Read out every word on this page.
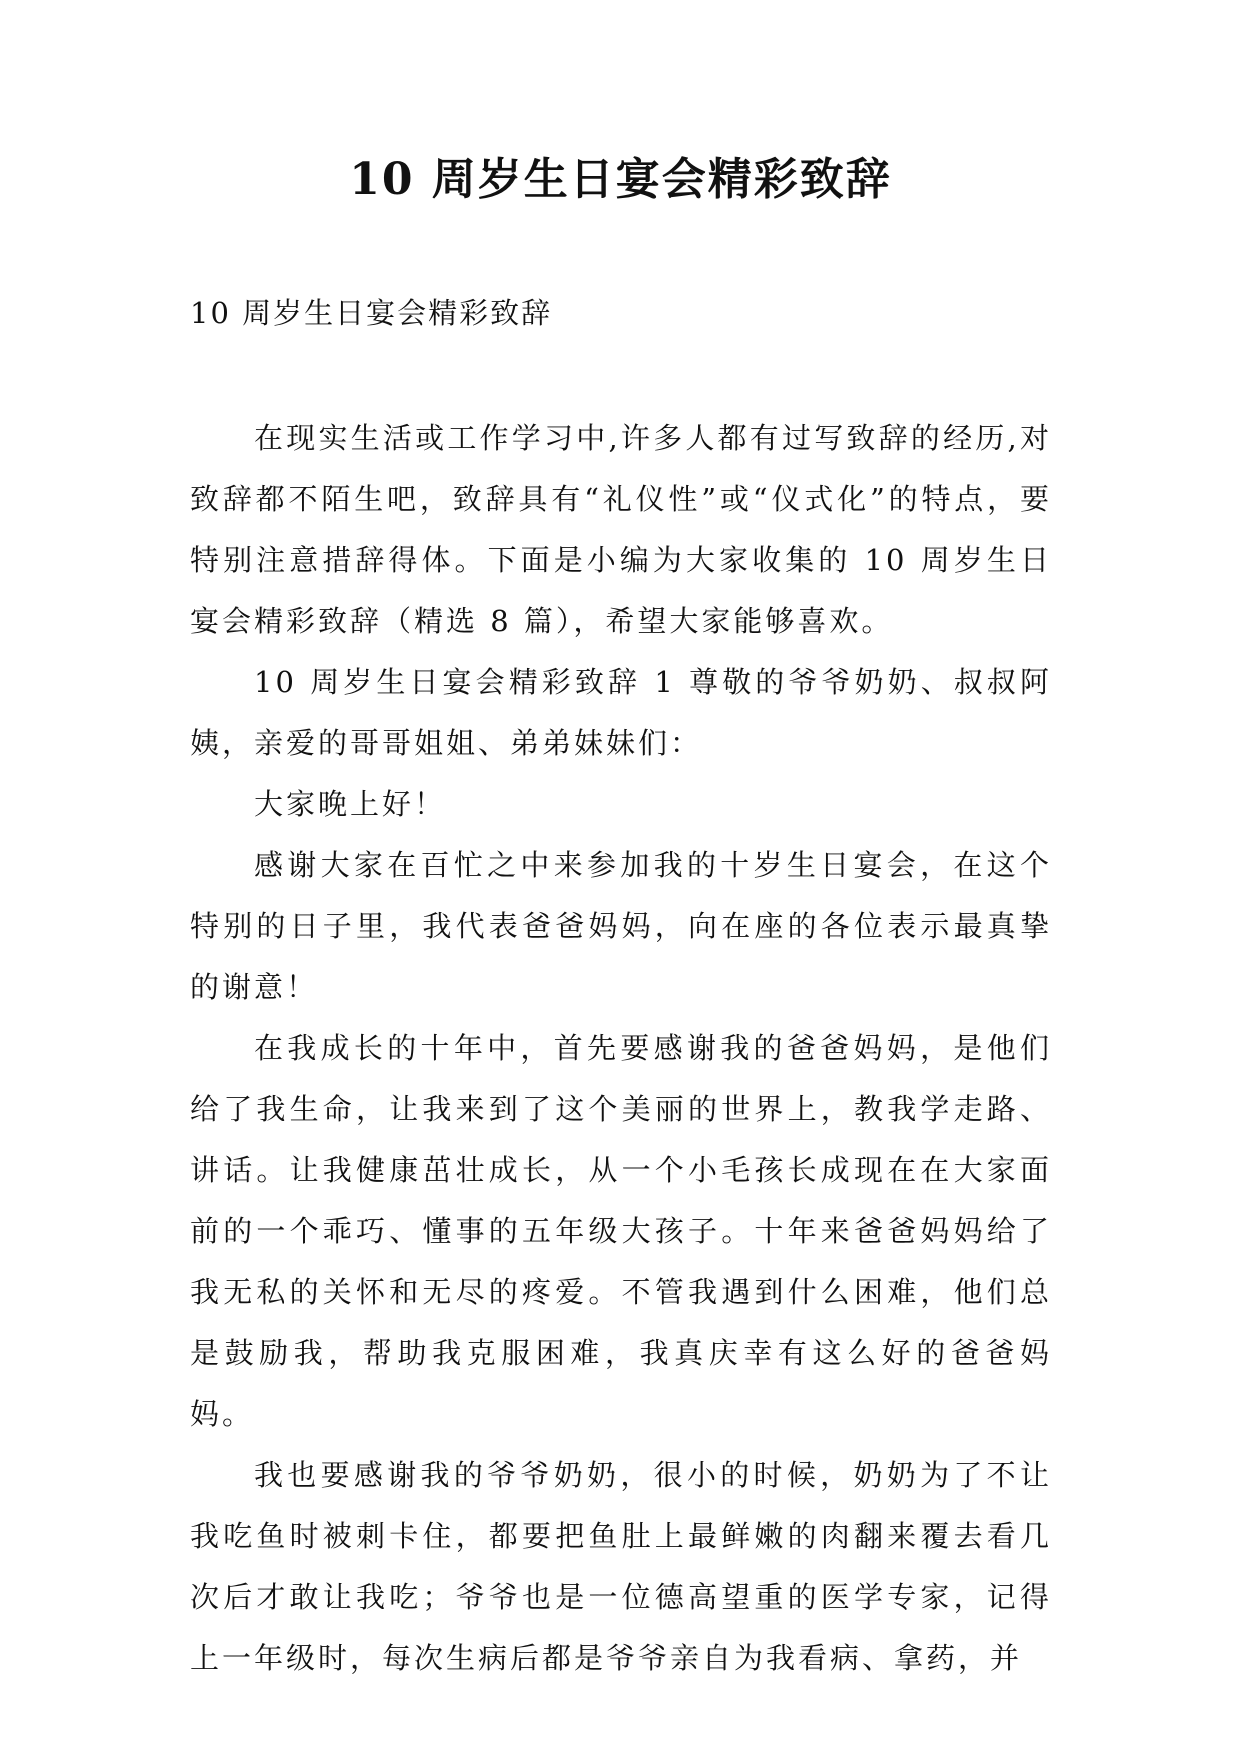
10 周岁生日宴会精彩致辞

10 周岁生日宴会精彩致辞

在现实生活或工作学习中,许多人都有过写致辞的经历,对致辞都不陌生吧，致辞具有“礼仪性”或“仪式化”的特点，要特别注意措辞得体。下面是小编为大家收集的 10 周岁生日宴会精彩致辞（精选 8 篇），希望大家能够喜欢。

10 周岁生日宴会精彩致辞 1 尊敬的爷爷奶奶、叔叔阿姨，亲爱的哥哥姐姐、弟弟妹妹们：

大家晚上好！

感谢大家在百忙之中来参加我的十岁生日宴会，在这个特别的日子里，我代表爸爸妈妈，向在座的各位表示最真挚的谢意！

在我成长的十年中，首先要感谢我的爸爸妈妈，是他们给了我生命，让我来到了这个美丽的世界上，教我学走路、讲话。让我健康茁壮成长，从一个小毛孩长成现在在大家面前的一个乖巧、懂事的五年级大孩子。十年来爸爸妈妈给了我无私的关怀和无尽的疼爱。不管我遇到什么困难，他们总是鼓励我，帮助我克服困难，我真庆幸有这么好的爸爸妈妈。

我也要感谢我的爷爷奶奶，很小的时候，奶奶为了不让我吃鱼时被刺卡住，都要把鱼肚上最鲜嫩的肉翻来覆去看几次后才敢让我吃；爷爷也是一位德高望重的医学专家，记得上一年级时，每次生病后都是爷爷亲自为我看病、拿药，并
